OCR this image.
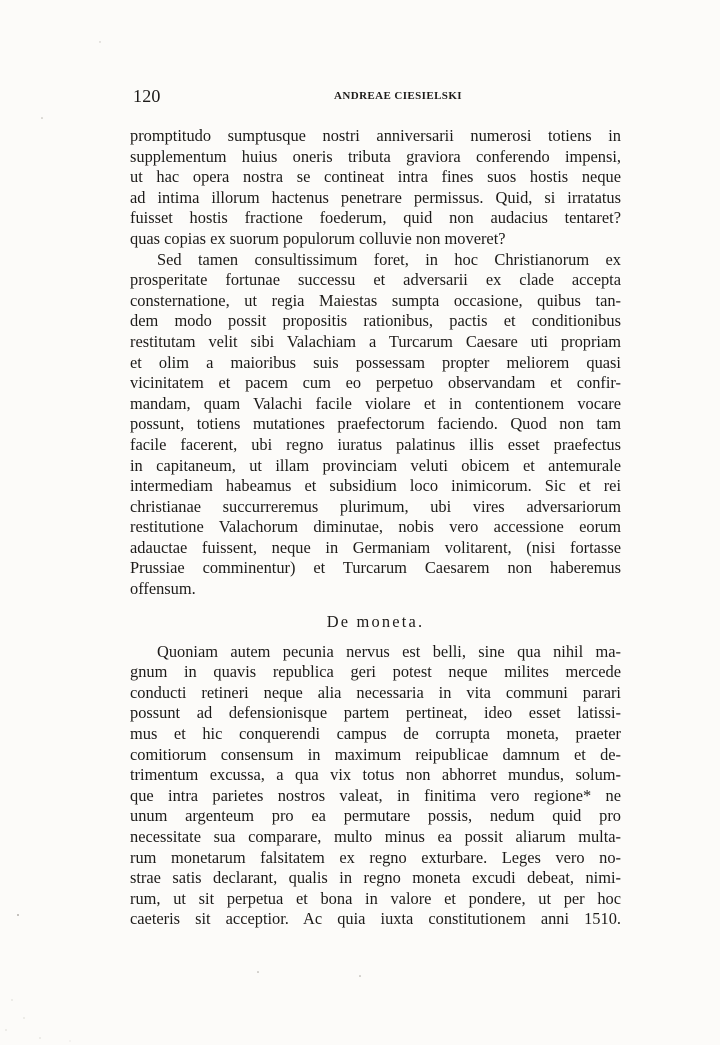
120	ANDREAE CIESIELSKI
promptitudo sumptusque nostri anniversarii numerosi totiens in
supplementum huius oneris tributa graviora conferendo impensi,
ut hac opera nostra se contineat intra fines suos hostis neque
ad intima illorum hactenus penetrare permissus. Quid, si irratatus
fuisset hostis fractione foederum, quid non audacius tentaret?
quas copias ex suorum populorum colluvie non moveret?
Sed tamen consultissimum foret, in hoc Christianorum ex
prosperitate fortunae successu et adversarii ex clade accepta
consternatione, ut regia Maiestas sumpta occasione, quibus tan-
dem modo possit propositis rationibus, pactis et conditionibus
restitutam velit sibi Valachiam a Turcarum Caesare uti propriam
et olim a maioribus suis possessam propter meliorem quasi
vicinitatem et pacem cum eo perpetuo observandam et confir-
mandam, quam Valachi facile violare et in contentionem vocare
possunt, totiens mutationes praefectorum faciendo. Quod non tam
facile facerent, ubi regno iuratus palatinus illis esset praefectus
in capitaneum, ut illam provinciam veluti obicem et antemurale
intermediam habeamus et subsidium loco inimicorum. Sic et rei
christianae succurreremus plurimum, ubi vires adversariorum
restitutione Valachorum diminutae, nobis vero accessione eorum
adauctae fuissent, neque in Germaniam volitarent, (nisi fortasse
Prussiae comminentur) et Turcarum Caesarem non haberemus
offensum.
De moneta.
Quoniam autem pecunia nervus est belli, sine qua nihil ma-
gnum in quavis republica geri potest neque milites mercede
conducti retineri neque alia necessaria in vita communi parari
possunt ad defensionisque partem pertineat, ideo esset latissi-
mus et hic conquerendi campus de corrupta moneta, praeter
comitiorum consensum in maximum reipublicae damnum et de-
trimentum excussa, a qua vix totus non abhorret mundus, solum-
que intra parietes nostros valeat, in finitima vero regione* ne
unum argenteum pro ea permutare possis, nedum quid pro
necessitate sua comparare, multo minus ea possit aliarum multa-
rum monetarum falsitatem ex regno exturbare. Leges vero no-
strae satis declarant, qualis in regno moneta excudi debeat, nimi-
rum, ut sit perpetua et bona in valore et pondere, ut per hoc
caeteris sit acceptior. Ac quia iuxta constitutionem anni 1510.
